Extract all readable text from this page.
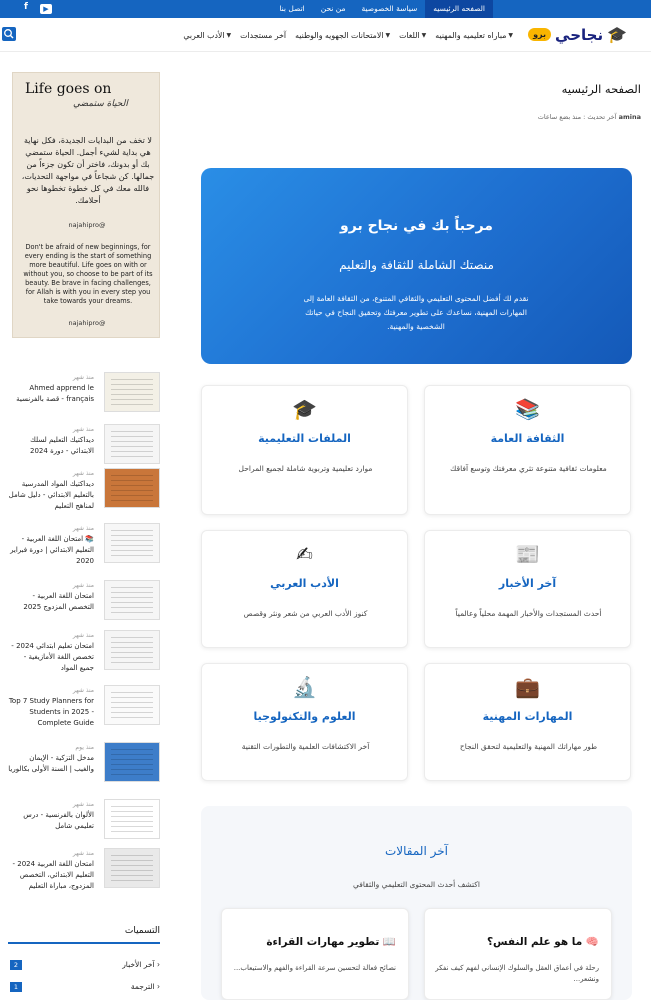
f	▶	الصفحه الرئيسيه
سياسة الخصوصية
من نحن
اتصل بنا
🎓
نجاحي
برو
مباراه تعليميه والمهنيه ▼
اللغات ▼
الامتحانات الجهويه والوطنيه ▼
آخر مستجدات
الأدب العربي ▼
Life goes on
الحياة ستمضي
لا تخف من البدايات الجديدة، فكل نهاية هي بداية لشيء أجمل. الحياة ستمضي بك أو بدونك، فاختر أن تكون جزءاً من جمالها. كن شجاعاً في مواجهة التحديات، فالله معك في كل خطوة تخطوها نحو أحلامك.
najahipro@
Don't be afraid of new beginnings, for every ending is the start of something more beautiful. Life goes on with or without you, so choose to be part of its beauty. Be brave in facing challenges, for Allah is with you in every step you take towards your dreams.
najahipro@
منذ شهر
Ahmed apprend le français - قصة بالفرنسية
منذ شهر
ديداكتيك التعليم لسلك الابتدائي - دورة 2024
منذ شهر
ديداكتيك المواد المدرسية بالتعليم الابتدائي - دليل شامل لمناهج التعليم
منذ شهر
📚 امتحان اللغة العربية - التعليم الابتدائي | دورة فبراير 2020
منذ شهر
امتحان اللغة العربية - التخصص المزدوج 2025
منذ شهر
امتحان تعليم ابتدائي 2024 - تخصص اللغة الأمازيغية - جميع المواد
منذ شهر
Top 7 Study Planners for Students in 2025 - Complete Guide
منذ يوم
مدخل التزكية - الإيمان والغيب | السنة الأولى بكالوريا
منذ شهر
الألوان بالفرنسية - درس تعليمي شامل
منذ شهر
امتحان اللغة العربية 2024 - التعليم الابتدائي، التخصص المزدوج، مباراة التعليم
التسميات
2	‹ آخر الأخبار
1	‹ الترجمة
الصفحه الرئيسيه
amina آخر تحديث : منذ بضع ساعات
مرحباً بك في نجاح برو
منصتك الشاملة للثقافة والتعليم
نقدم لك أفضل المحتوى التعليمي والثقافي المتنوع، من الثقافة العامة إلى المهارات المهنية، نساعدك على تطوير معرفتك وتحقيق النجاح في حياتك الشخصية والمهنية.
📚
الثقافة العامة
معلومات ثقافية متنوعة تثري معرفتك وتوسع آفاقك
🎓
الملفات التعليمية
موارد تعليمية وتربوية شاملة لجميع المراحل
📰
آخر الأخبار
أحدث المستجدات والأخبار المهمة محلياً وعالمياً
✍
الأدب العربي
كنوز الأدب العربي من شعر ونثر وقصص
💼
المهارات المهنية
طور مهاراتك المهنية والتعليمية لتحقق النجاح
🔬
العلوم والتكنولوجيا
آخر الاكتشافات العلمية والتطورات التقنية
آخر المقالات
اكتشف أحدث المحتوى التعليمي والثقافي
🧠 ما هو علم النفس؟
رحلة في أعماق العقل والسلوك الإنساني لفهم كيف نفكر ونشعر...
📖 تطوير مهارات القراءة
نصائح فعالة لتحسين سرعة القراءة والفهم والاستيعاب...
